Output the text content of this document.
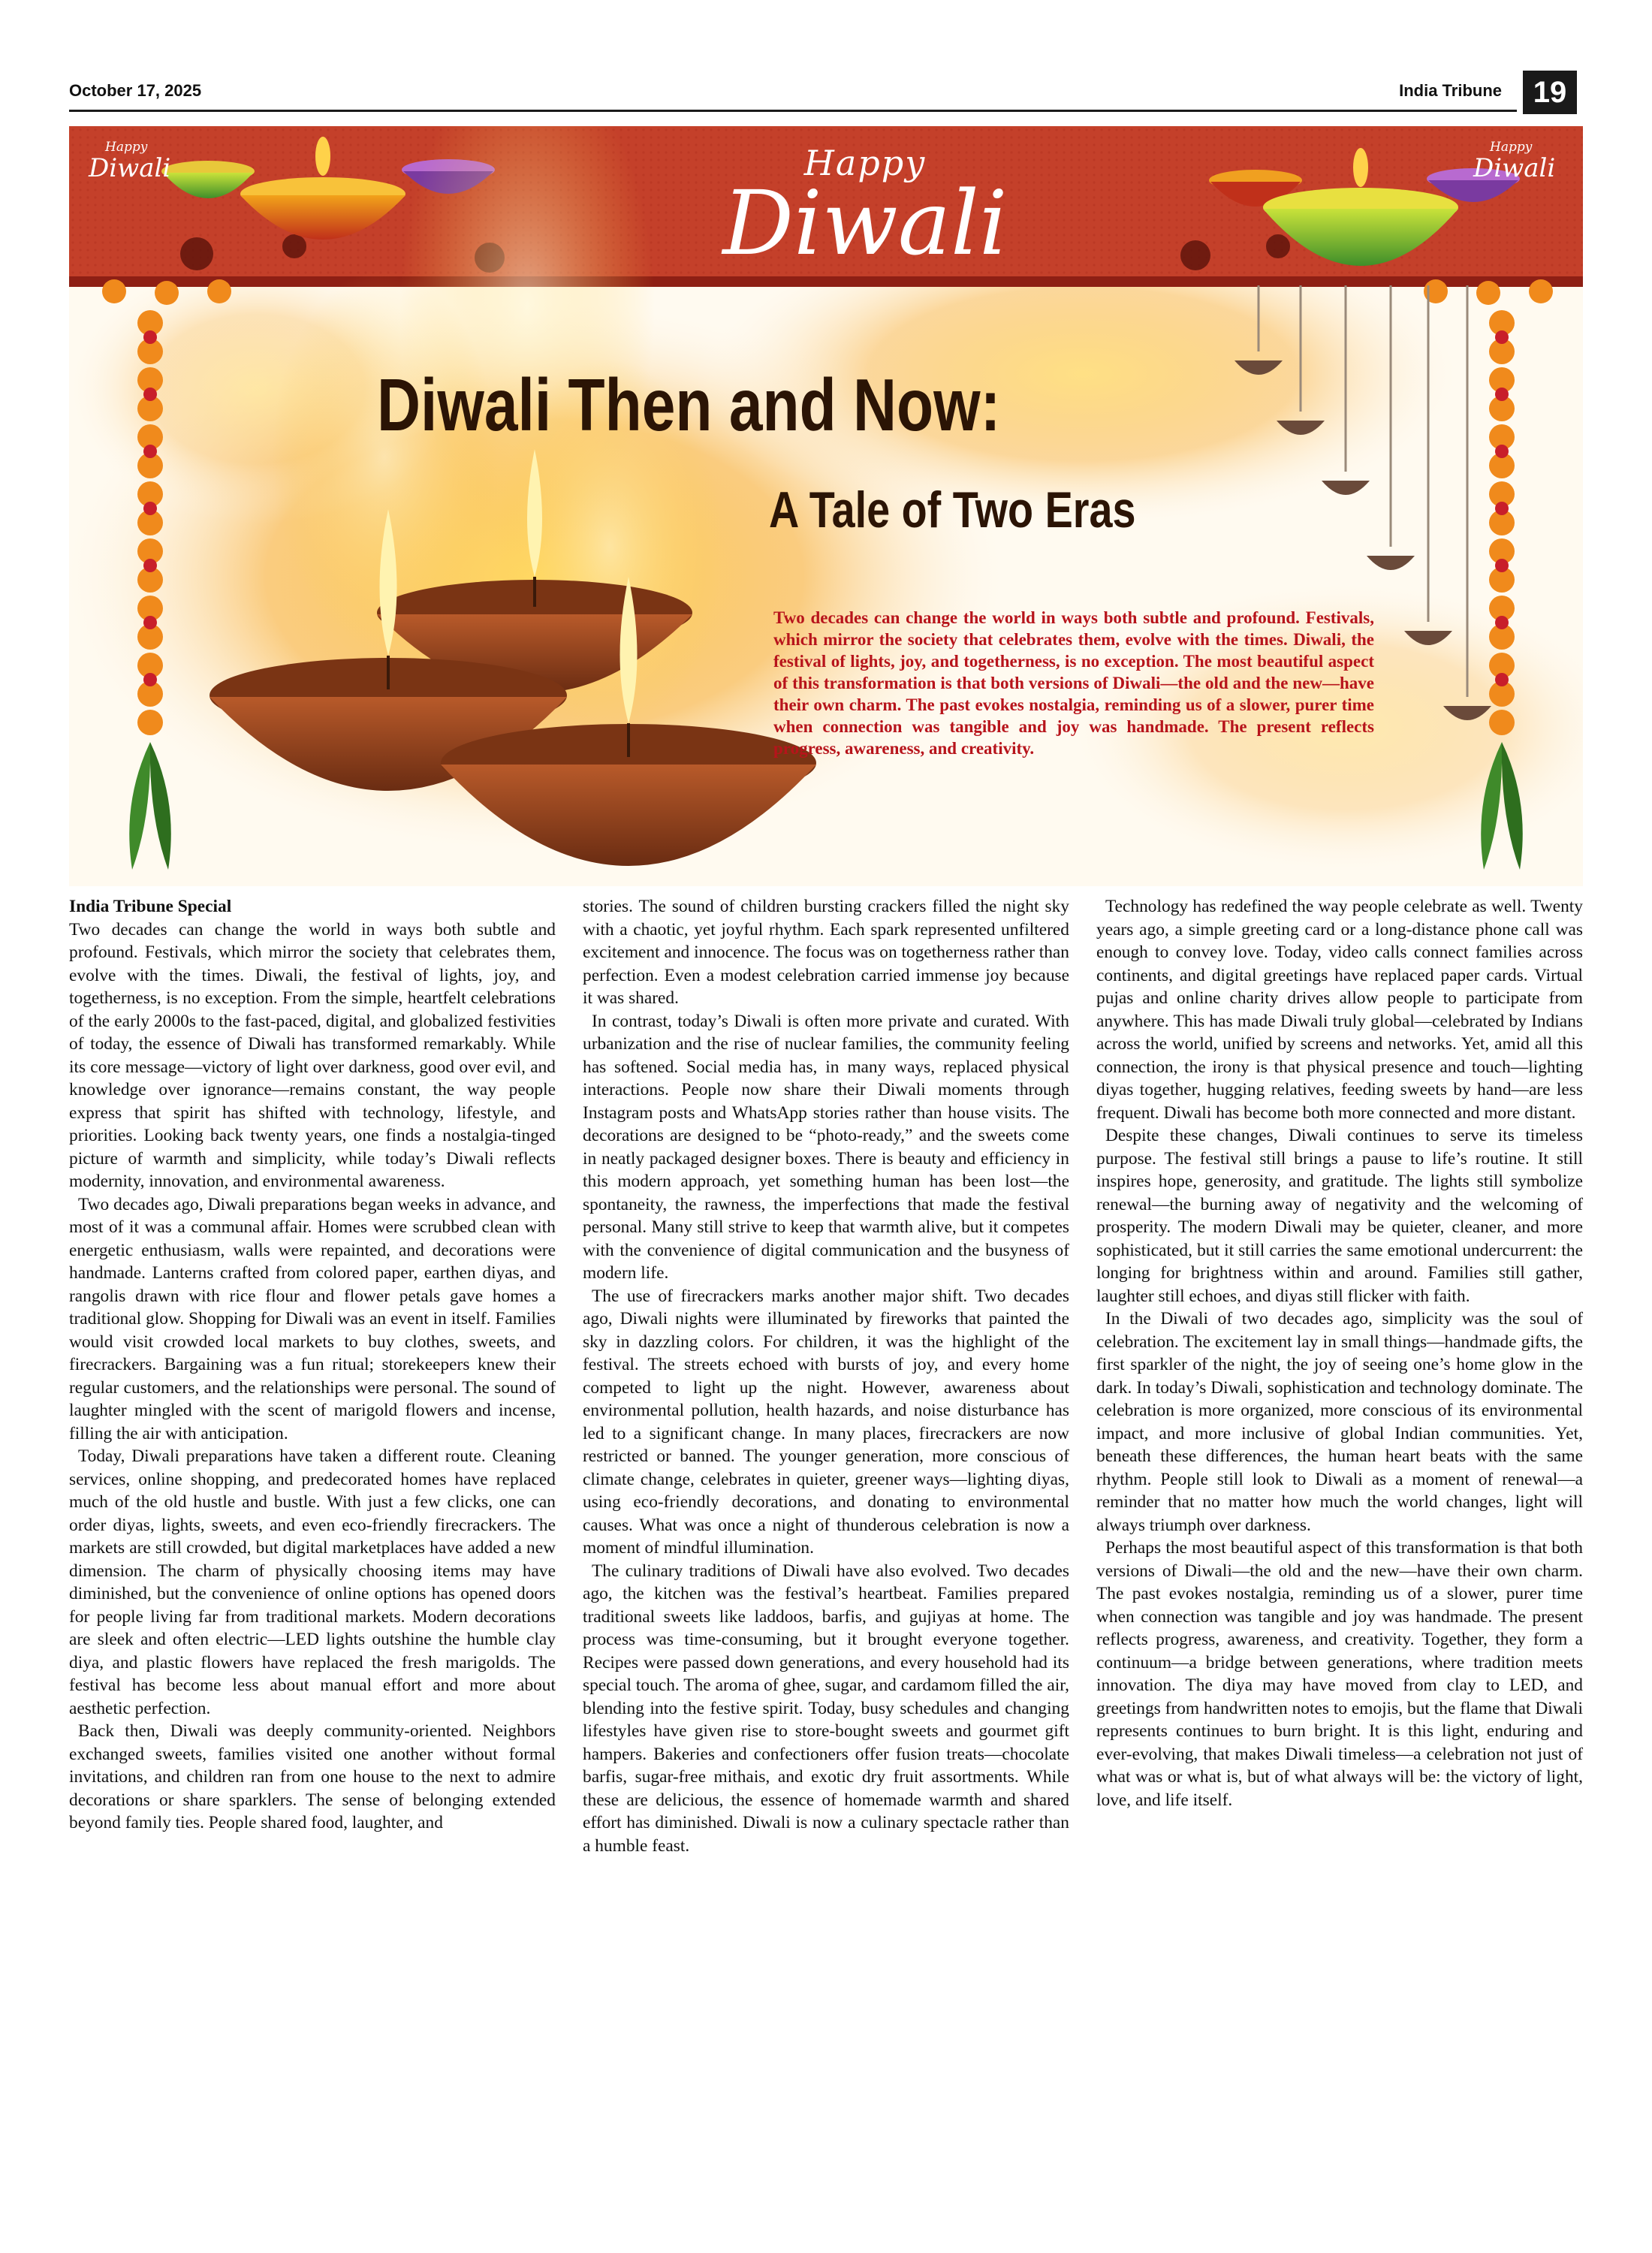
October 17, 2025	India Tribune	19
Happy
Diwali
Happy
Diwali
Happy
Diwali
Diwali Then and Now:
A Tale of Two Eras
Two decades can change the world in ways both subtle and profound. Festivals, which mirror the society that celebrates them, evolve with the times. Diwali, the festival of lights, joy, and togetherness, is no exception. The most beautiful aspect of this transformation is that both versions of Diwali—the old and the new—have their own charm. The past evokes nostalgia, reminding us of a slower, purer time when connection was tangible and joy was handmade. The present reflects progress, awareness, and creativity.
India Tribune Special

Two decades can change the world in ways both subtle and profound. Festivals, which mirror the society that celebrates them, evolve with the times. Diwali, the festival of lights, joy, and togetherness, is no exception. From the simple, heartfelt celebrations of the early 2000s to the fast-paced, digital, and globalized festivities of today, the essence of Diwali has transformed remarkably. While its core message—victory of light over darkness, good over evil, and knowledge over ignorance—remains constant, the way people express that spirit has shifted with technology, lifestyle, and priorities. Looking back twenty years, one finds a nostalgia-tinged picture of warmth and simplicity, while today’s Diwali reflects modernity, innovation, and environmental awareness.

Two decades ago, Diwali preparations began weeks in advance, and most of it was a communal affair. Homes were scrubbed clean with energetic enthusiasm, walls were repainted, and decorations were handmade. Lanterns crafted from colored paper, earthen diyas, and rangolis drawn with rice flour and flower petals gave homes a traditional glow. Shopping for Diwali was an event in itself. Families would visit crowded local markets to buy clothes, sweets, and firecrackers. Bargaining was a fun ritual; storekeepers knew their regular customers, and the relationships were personal. The sound of laughter mingled with the scent of marigold flowers and incense, filling the air with anticipation.

Today, Diwali preparations have taken a different route. Cleaning services, online shopping, and predecorated homes have replaced much of the old hustle and bustle. With just a few clicks, one can order diyas, lights, sweets, and even eco-friendly firecrackers. The markets are still crowded, but digital marketplaces have added a new dimension. The charm of physically choosing items may have diminished, but the convenience of online options has opened doors for people living far from traditional markets. Modern decorations are sleek and often electric—LED lights outshine the humble clay diya, and plastic flowers have replaced the fresh marigolds. The festival has become less about manual effort and more about aesthetic perfection.

Back then, Diwali was deeply community-oriented. Neighbors exchanged sweets, families visited one another without formal invitations, and children ran from one house to the next to admire decorations or share sparklers. The sense of belonging extended beyond family ties. People shared food, laughter, and

stories. The sound of children bursting crackers filled the night sky with a chaotic, yet joyful rhythm. Each spark represented unfiltered excitement and innocence. The focus was on togetherness rather than perfection. Even a modest celebration carried immense joy because it was shared.

In contrast, today’s Diwali is often more private and curated. With urbanization and the rise of nuclear families, the community feeling has softened. Social media has, in many ways, replaced physical interactions. People now share their Diwali moments through Instagram posts and WhatsApp stories rather than house visits. The decorations are designed to be “photo-ready,” and the sweets come in neatly packaged designer boxes. There is beauty and efficiency in this modern approach, yet something human has been lost—the spontaneity, the rawness, the imperfections that made the festival personal. Many still strive to keep that warmth alive, but it competes with the convenience of digital communication and the busyness of modern life.

The use of firecrackers marks another major shift. Two decades ago, Diwali nights were illuminated by fireworks that painted the sky in dazzling colors. For children, it was the highlight of the festival. The streets echoed with bursts of joy, and every home competed to light up the night. However, awareness about environmental pollution, health hazards, and noise disturbance has led to a significant change. In many places, firecrackers are now restricted or banned. The younger generation, more conscious of climate change, celebrates in quieter, greener ways—lighting diyas, using eco-friendly decorations, and donating to environmental causes. What was once a night of thunderous celebration is now a moment of mindful illumination.

The culinary traditions of Diwali have also evolved. Two decades ago, the kitchen was the festival’s heartbeat. Families prepared traditional sweets like laddoos, barfis, and gujiyas at home. The process was time-consuming, but it brought everyone together. Recipes were passed down generations, and every household had its special touch. The aroma of ghee, sugar, and cardamom filled the air, blending into the festive spirit. Today, busy schedules and changing lifestyles have given rise to store-bought sweets and gourmet gift hampers. Bakeries and confectioners offer fusion treats—chocolate barfis, sugar-free mithais, and exotic dry fruit assortments. While these are delicious, the essence of homemade warmth and shared effort has diminished. Diwali is now a culinary spectacle rather than a humble feast.

Technology has redefined the way people celebrate as well. Twenty years ago, a simple greeting card or a long-distance phone call was enough to convey love. Today, video calls connect families across continents, and digital greetings have replaced paper cards. Virtual pujas and online charity drives allow people to participate from anywhere. This has made Diwali truly global—celebrated by Indians across the world, unified by screens and networks. Yet, amid all this connection, the irony is that physical presence and touch—lighting diyas together, hugging relatives, feeding sweets by hand—are less frequent. Diwali has become both more connected and more distant.

Despite these changes, Diwali continues to serve its timeless purpose. The festival still brings a pause to life’s routine. It still inspires hope, generosity, and gratitude. The lights still symbolize renewal—the burning away of negativity and the welcoming of prosperity. The modern Diwali may be quieter, cleaner, and more sophisticated, but it still carries the same emotional undercurrent: the longing for brightness within and around. Families still gather, laughter still echoes, and diyas still flicker with faith.

In the Diwali of two decades ago, simplicity was the soul of celebration. The excitement lay in small things—handmade gifts, the first sparkler of the night, the joy of seeing one’s home glow in the dark. In today’s Diwali, sophistication and technology dominate. The celebration is more organized, more conscious of its environmental impact, and more inclusive of global Indian communities. Yet, beneath these differences, the human heart beats with the same rhythm. People still look to Diwali as a moment of renewal—a reminder that no matter how much the world changes, light will always triumph over darkness.

Perhaps the most beautiful aspect of this transformation is that both versions of Diwali—the old and the new—have their own charm. The past evokes nostalgia, reminding us of a slower, purer time when connection was tangible and joy was handmade. The present reflects progress, awareness, and creativity. Together, they form a continuum—a bridge between generations, where tradition meets innovation. The diya may have moved from clay to LED, and greetings from handwritten notes to emojis, but the flame that Diwali represents continues to burn bright. It is this light, enduring and ever-evolving, that makes Diwali timeless—a celebration not just of what was or what is, but of what always will be: the victory of light, love, and life itself.
